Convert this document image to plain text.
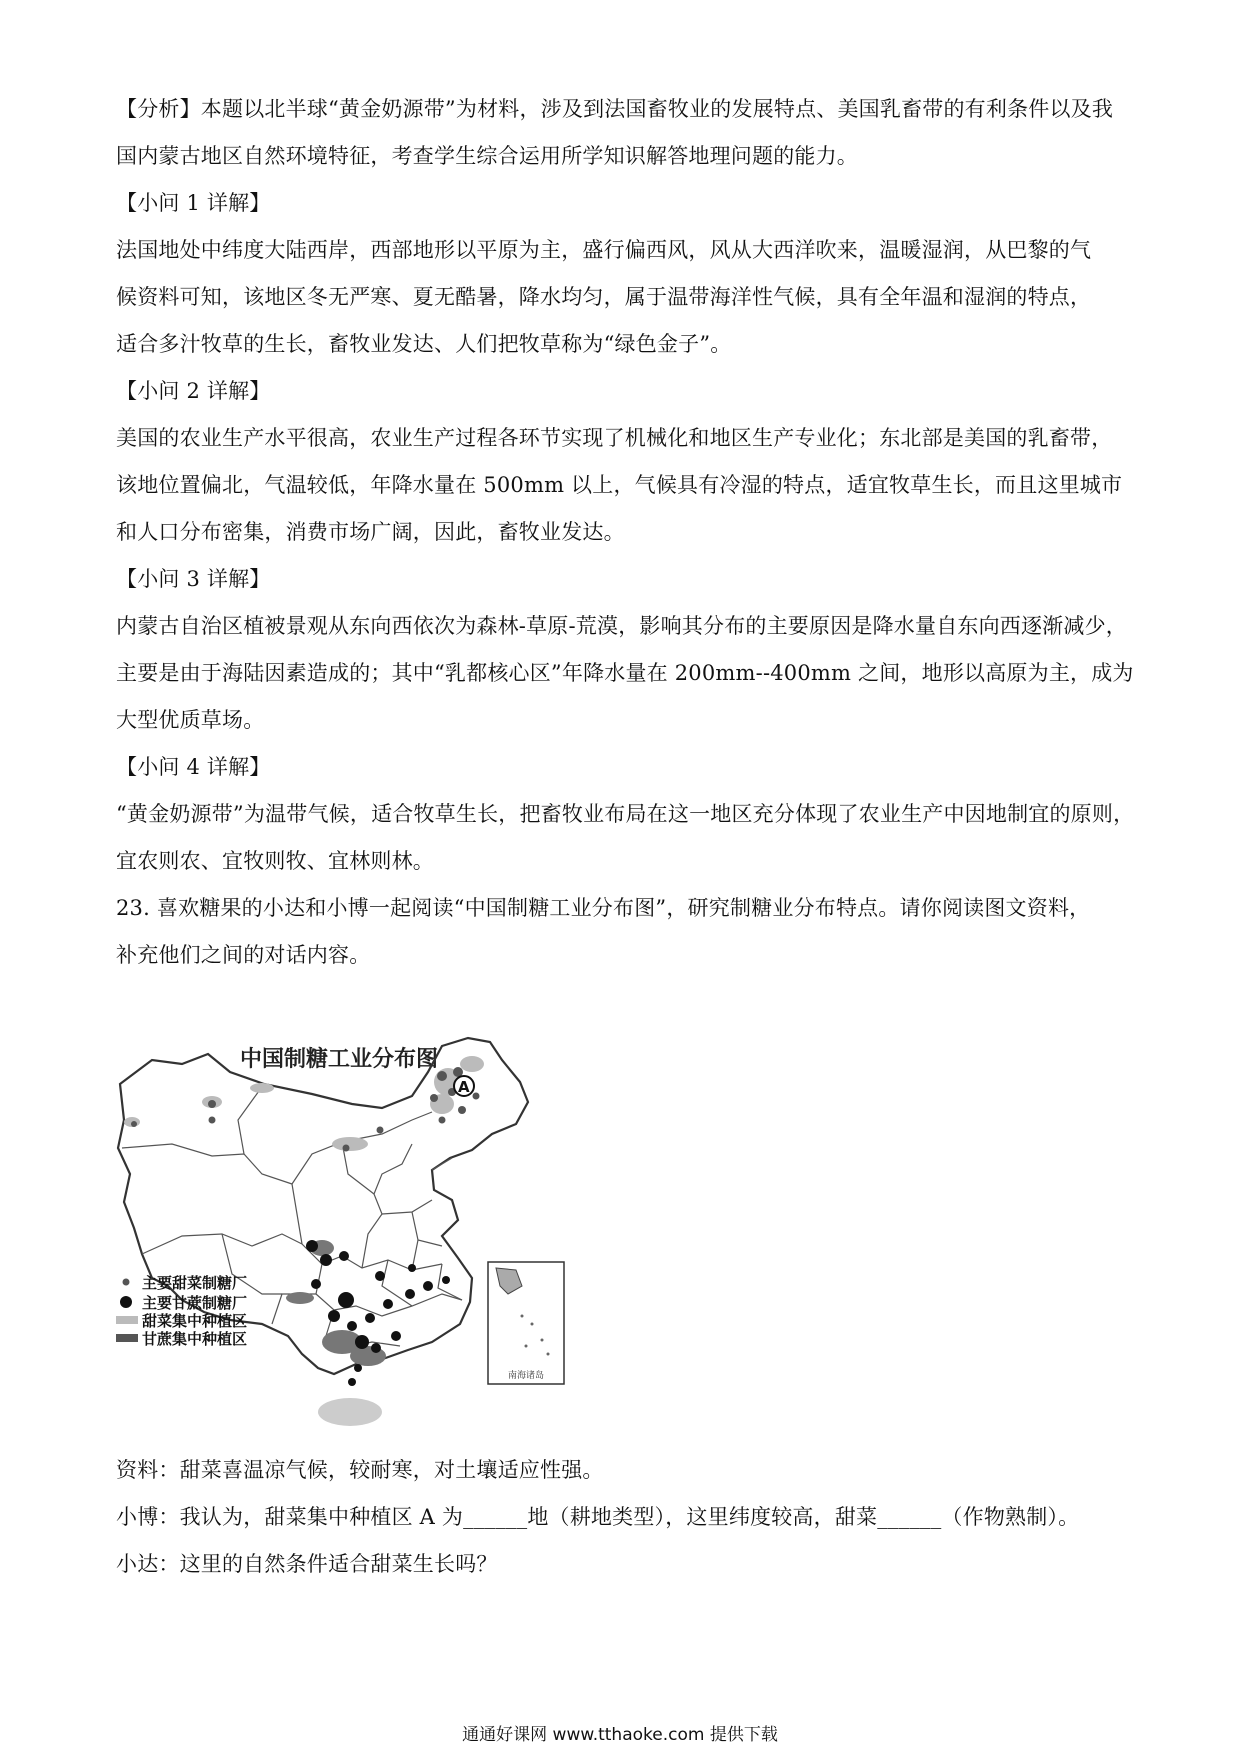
【分析】本题以北半球“黄金奶源带”为材料，涉及到法国畜牧业的发展特点、美国乳畜带的有利条件以及我
国内蒙古地区自然环境特征，考查学生综合运用所学知识解答地理问题的能力。
【小问 1 详解】
法国地处中纬度大陆西岸，西部地形以平原为主，盛行偏西风，风从大西洋吹来，温暖湿润，从巴黎的气
候资料可知，该地区冬无严寒、夏无酷暑，降水均匀，属于温带海洋性气候，具有全年温和湿润的特点，
适合多汁牧草的生长，畜牧业发达、人们把牧草称为“绿色金子”。
【小问 2 详解】
美国的农业生产水平很高，农业生产过程各环节实现了机械化和地区生产专业化；东北部是美国的乳畜带，
该地位置偏北，气温较低，年降水量在 500mm 以上，气候具有冷湿的特点，适宜牧草生长，而且这里城市
和人口分布密集，消费市场广阔，因此，畜牧业发达。
【小问 3 详解】
内蒙古自治区植被景观从东向西依次为森林-草原-荒漠，影响其分布的主要原因是降水量自东向西逐渐减少，
主要是由于海陆因素造成的；其中“乳都核心区”年降水量在 200mm--400mm 之间，地形以高原为主，成为
大型优质草场。
【小问 4 详解】
“黄金奶源带”为温带气候，适合牧草生长，把畜牧业布局在这一地区充分体现了农业生产中因地制宜的原则，
宜农则农、宜牧则牧、宜林则林。
23. 喜欢糖果的小达和小博一起阅读“中国制糖工业分布图”，研究制糖业分布特点。请你阅读图文资料，
补充他们之间的对话内容。
中国制糖工业分布图
A
南海诸岛
主要甜菜制糖厂
主要甘蔗制糖厂
甜菜集中种植区
甘蔗集中种植区
资料：甜菜喜温凉气候，较耐寒，对土壤适应性强。
小博：我认为，甜菜集中种植区 A 为______地（耕地类型），这里纬度较高，甜菜______（作物熟制）。
小达：这里的自然条件适合甜菜生长吗？
通通好课网 www.tthaoke.com 提供下载
